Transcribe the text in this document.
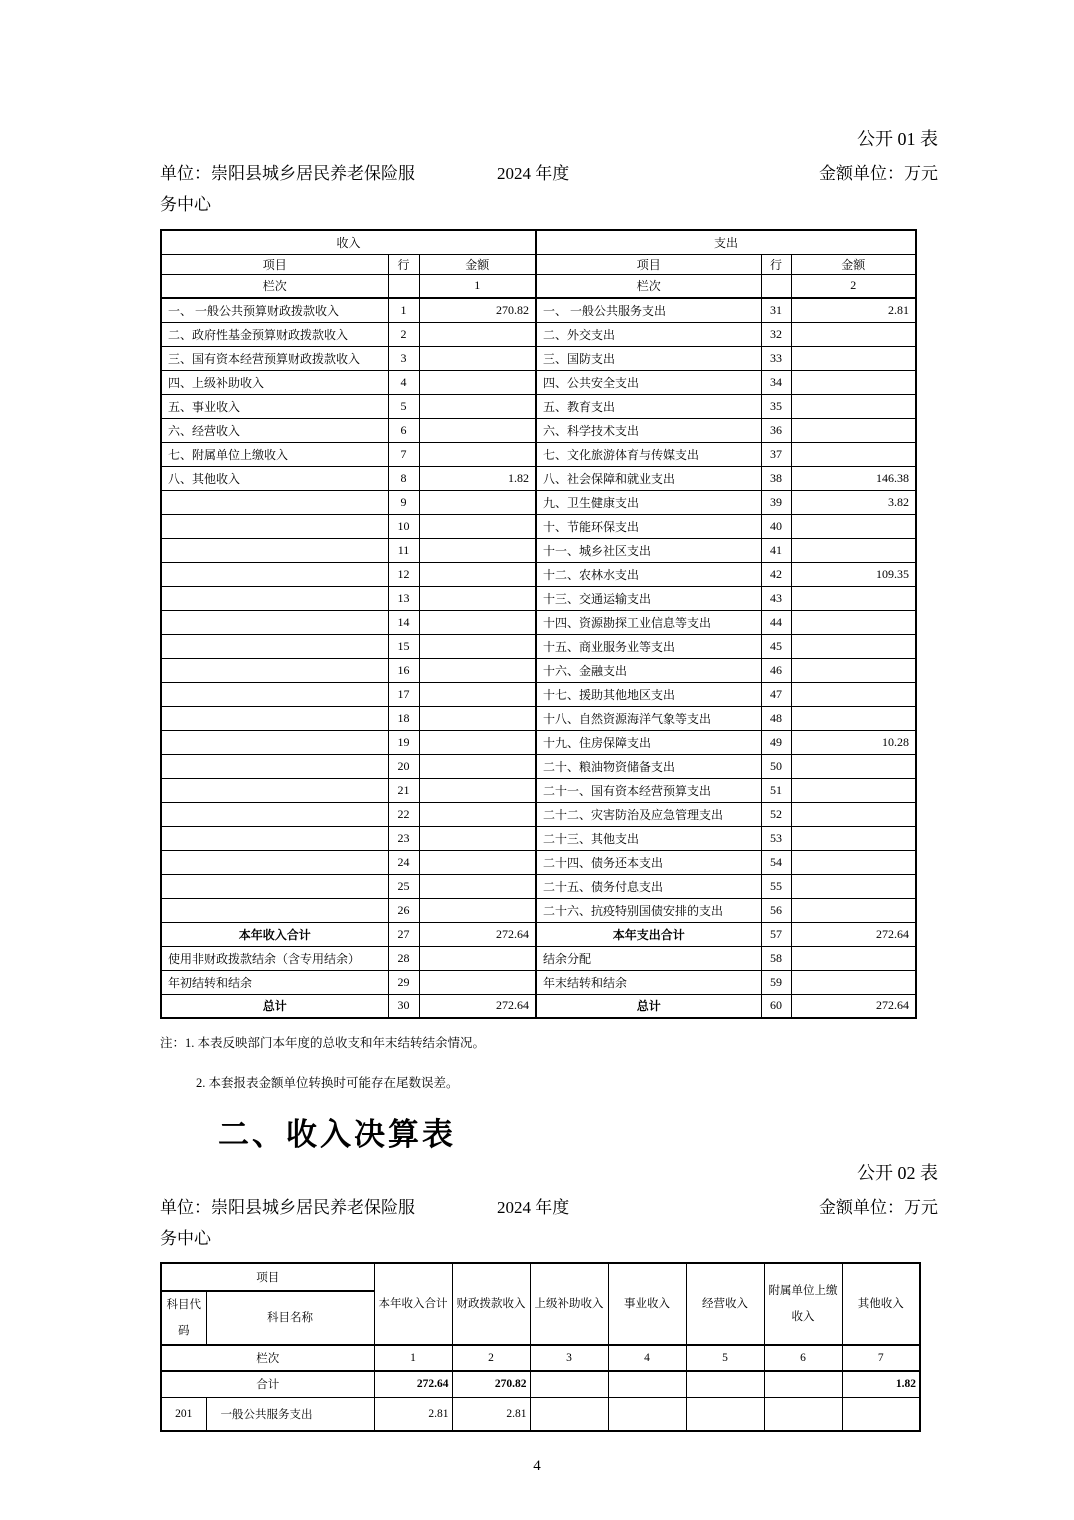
公开 01 表
单位：崇阳县城乡居民养老保险服
务中心
2024 年度	金额单位：万元
收入			支出		
项目	行	金额	项目	行	金额
栏次		1	栏次		2
一、 一般公共预算财政拨款收入	1	270.82	一、 一般公共服务支出	31	2.81
二、政府性基金预算财政拨款收入	2		二、外交支出	32	
三、国有资本经营预算财政拨款收入	3		三、国防支出	33	
四、上级补助收入	4		四、公共安全支出	34	
五、事业收入	5		五、教育支出	35	
六、经营收入	6		六、科学技术支出	36	
七、附属单位上缴收入	7		七、文化旅游体育与传媒支出	37	
八、其他收入	8	1.82	八、社会保障和就业支出	38	146.38
	9		九、卫生健康支出	39	3.82
	10		十、节能环保支出	40	
	11		十一、城乡社区支出	41	
	12		十二、农林水支出	42	109.35
	13		十三、交通运输支出	43	
	14		十四、资源勘探工业信息等支出	44	
	15		十五、商业服务业等支出	45	
	16		十六、金融支出	46	
	17		十七、援助其他地区支出	47	
	18		十八、自然资源海洋气象等支出	48	
	19		十九、住房保障支出	49	10.28
	20		二十、粮油物资储备支出	50	
	21		二十一、国有资本经营预算支出	51	
	22		二十二、灾害防治及应急管理支出	52	
	23		二十三、其他支出	53	
	24		二十四、债务还本支出	54	
	25		二十五、债务付息支出	55	
	26		二十六、抗疫特别国债安排的支出	56	
本年收入合计	27	272.64	本年支出合计	57	272.64
使用非财政拨款结余（含专用结余）	28		结余分配	58	
年初结转和结余	29		年末结转和结余	59	
总计	30	272.64	总计	60	272.64
注：1. 本表反映部门本年度的总收支和年末结转结余情况。
2. 本套报表金额单位转换时可能存在尾数误差。
二、收入决算表
公开 02 表
单位：崇阳县城乡居民养老保险服
务中心
2024 年度	金额单位：万元
项目		本年收入合计	财政拨款收入	上级补助收入	事业收入	经营收入	附属单位上缴收入	其他收入
科目代码	科目名称							
栏次		1	2	3	4	5	6	7
合计		272.64	270.82					1.82
201	一般公共服务支出	2.81	2.81					
4
